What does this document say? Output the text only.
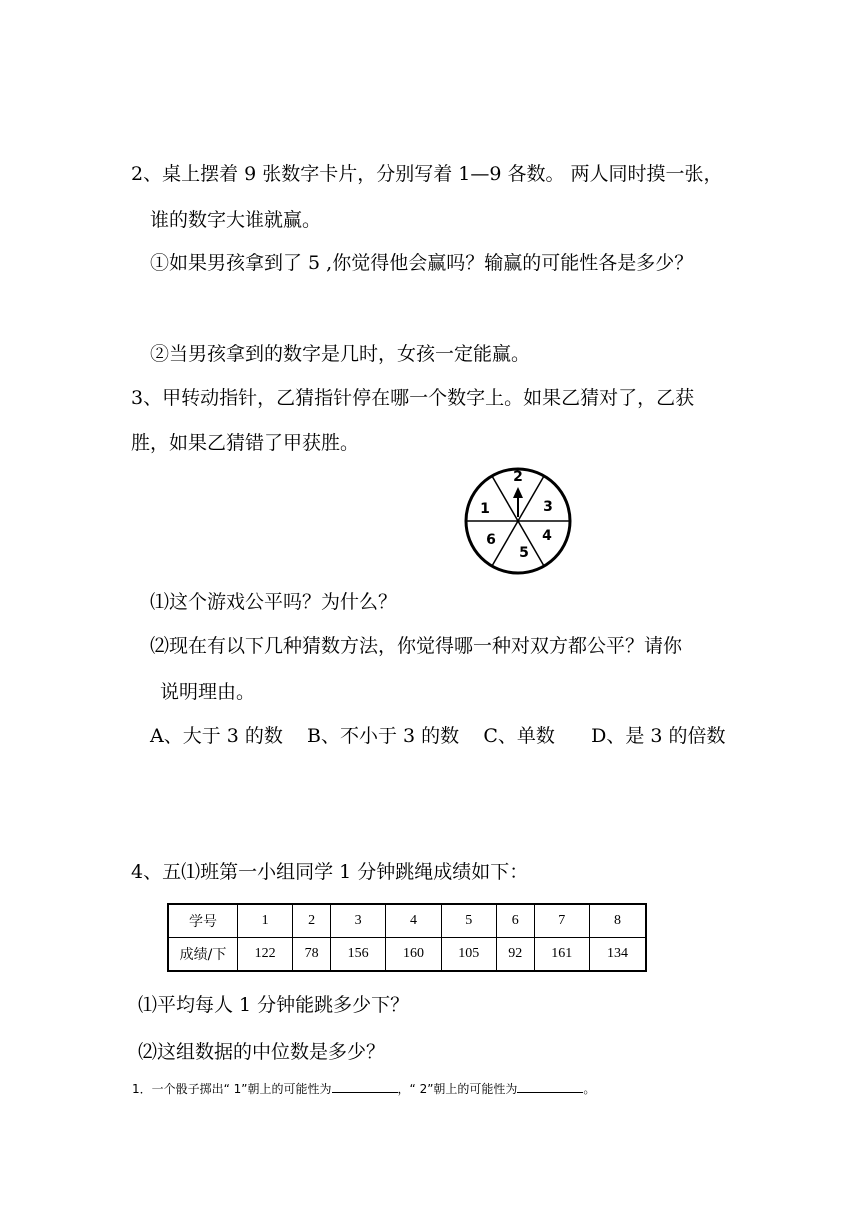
2、桌上摆着 9 张数字卡片，分别写着 1—9 各数。 两人同时摸一张，
谁的数字大谁就赢。
①如果男孩拿到了 5 ,你觉得他会赢吗？输赢的可能性各是多少？
②当男孩拿到的数字是几时，女孩一定能赢。
3、甲转动指针，乙猜指针停在哪一个数字上。如果乙猜对了，乙获
胜，如果乙猜错了甲获胜。
1
2
3
4
5
6
⑴这个游戏公平吗？为什么？
⑵现在有以下几种猜数方法，你觉得哪一种对双方都公平？请你
说明理由。
A、大于 3 的数    B、不小于 3 的数    C、单数      D、是 3 的倍数
4、五⑴班第一小组同学 1 分钟跳绳成绩如下：
学号	1	2	3	4	5	6	7	8
成绩/下	122	78	156	160	105	92	161	134
⑴平均每人 1 分钟能跳多少下？
⑵这组数据的中位数是多少？
1．一个骰子掷出“ 1”朝上的可能性为	，“ 2”朝上的可能性为	。
